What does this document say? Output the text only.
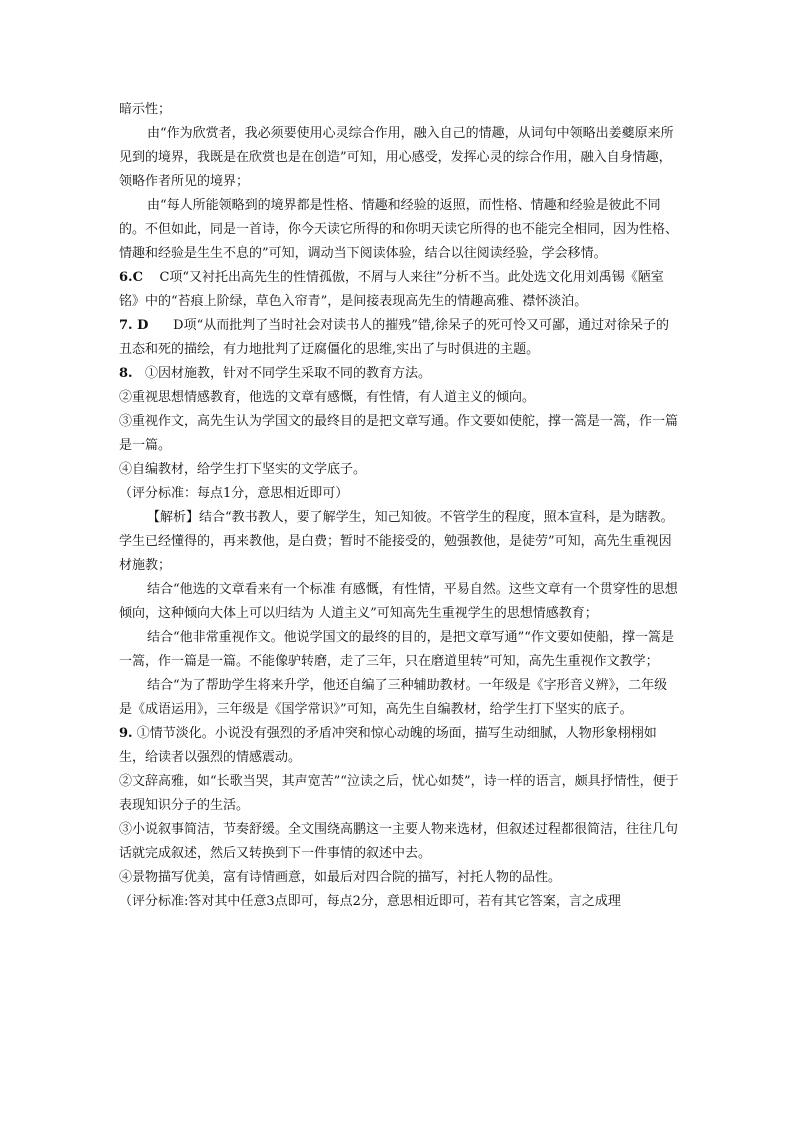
暗示性；

由“作为欣赏者，我必须要使用心灵综合作用，融入自己的情趣，从词句中领略出姜夔原来所见到的境界，我既是在欣赏也是在创造”可知，用心感受，发挥心灵的综合作用，融入自身情趣，领略作者所见的境界；

由“每人所能领略到的境界都是性格、情趣和经验的返照，而性格、情趣和经验是彼此不同的。不但如此，同是一首诗，你今天读它所得的和你明天读它所得的也不能完全相同，因为性格、情趣和经验是生生不息的”可知，调动当下阅读体验，结合以往阅读经验，学会移情。

6.C C项“又衬托出高先生的性情孤傲，不屑与人来往”分析不当。此处选文化用刘禹锡《陋室铭》中的“苔痕上阶绿，草色入帘青”，是间接表现高先生的情趣高雅、襟怀淡泊。

7. D D项“从而批判了当时社会对读书人的摧残”错,徐呆子的死可怜又可鄙，通过对徐呆子的丑态和死的描绘，有力地批判了迂腐僵化的思维,实出了与时俱进的主题。

8. ①因材施教，针对不同学生采取不同的教育方法。

②重视思想情感教育，他选的文章有感慨，有性情，有人道主义的倾向。

③重视作文，高先生认为学国文的最终目的是把文章写通。作文要如使舵，撑一篙是一篙，作一篇是一篇。

④自编教材，给学生打下坚实的文学底子。

（评分标准：每点1分，意思相近即可）

【解析】结合“教书教人，要了解学生，知己知彼。不管学生的程度，照本宣科，是为瞎教。学生已经懂得的，再来教他，是白费；暂时不能接受的，勉强教他，是徒劳”可知，高先生重视因材施教；

结合“他选的文章看来有一个标准 有感慨，有性情，平易自然。这些文章有一个贯穿性的思想倾向，这种倾向大体上可以归结为 人道主义”可知高先生重视学生的思想情感教育；

结合“他非常重视作文。他说学国文的最终的目的，是把文章写通”“作文要如使船，撑一篙是一篙，作一篇是一篇。不能像驴转磨，走了三年，只在磨道里转”可知，高先生重视作文教学；

结合“为了帮助学生将来升学，他还自编了三种辅助教材。一年级是《字形音义辨》，二年级是《成语运用》，三年级是《国学常识》”可知，高先生自编教材，给学生打下坚实的底子。

9. ①情节淡化。小说没有强烈的矛盾冲突和惊心动魄的场面，描写生动细腻，人物形象栩栩如生，给读者以强烈的情感震动。

②文辞高雅，如“长歌当哭，其声宽苦”“泣读之后，忧心如焚”，诗一样的语言，颇具抒情性，便于表现知识分子的生活。

③小说叙事简洁，节奏舒缓。全文围绕高鹏这一主要人物来选材，但叙述过程都很简洁，往往几句话就完成叙述，然后又转换到下一件事情的叙述中去。

④景物描写优美，富有诗情画意，如最后对四合院的描写，衬托人物的品性。

（评分标准:答对其中任意3点即可，每点2分，意思相近即可，若有其它答案，言之成理
